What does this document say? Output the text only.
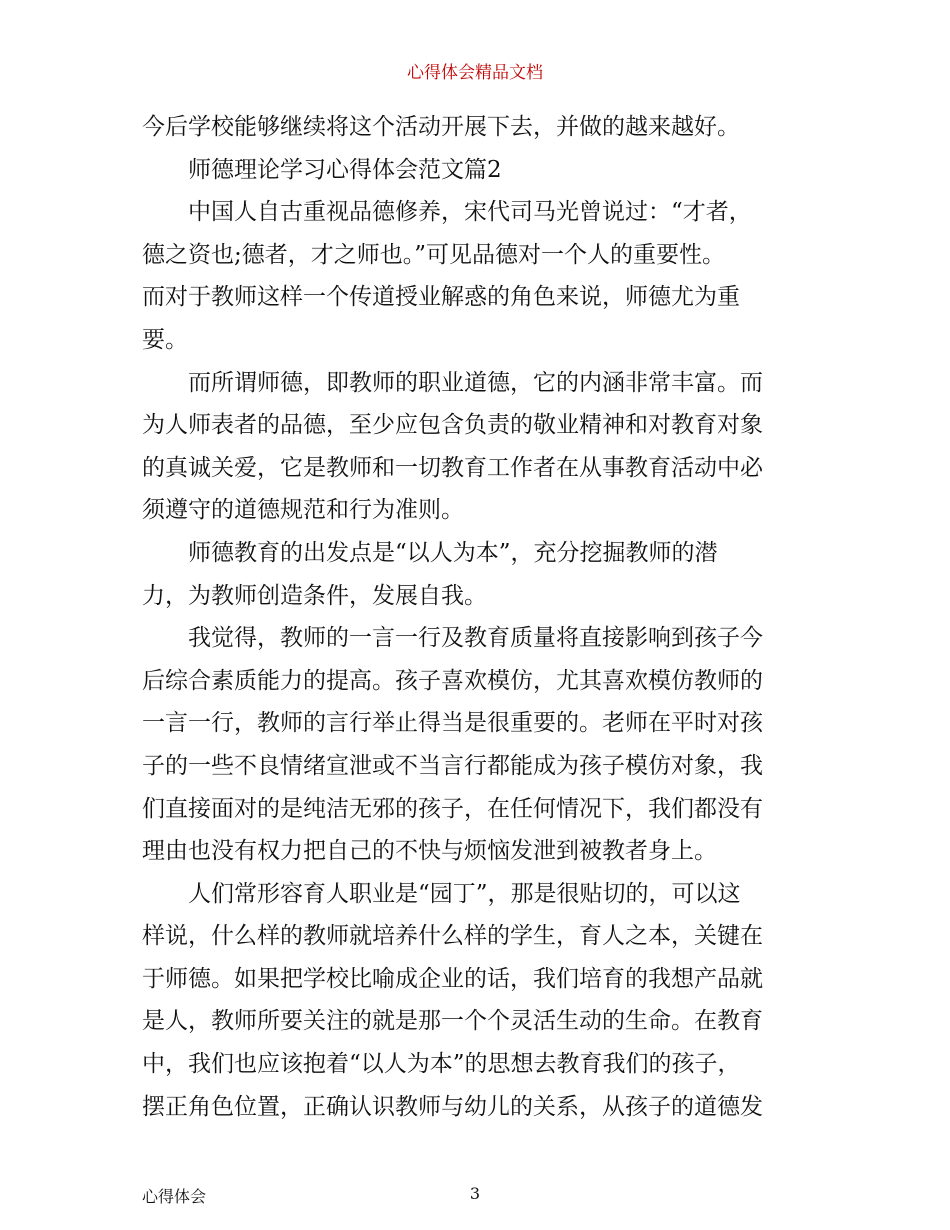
心得体会精品文档
今后学校能够继续将这个活动开展下去，并做的越来越好。
师德理论学习心得体会范文篇2
中国人自古重视品德修养，宋代司马光曾说过：“才者，
德之资也;德者，才之师也。”可见品德对一个人的重要性。
而对于教师这样一个传道授业解惑的角色来说，师德尤为重
要。
而所谓师德，即教师的职业道德，它的内涵非常丰富。而
为人师表者的品德，至少应包含负责的敬业精神和对教育对象
的真诚关爱，它是教师和一切教育工作者在从事教育活动中必
须遵守的道德规范和行为准则。
师德教育的出发点是“以人为本”，充分挖掘教师的潜
力，为教师创造条件，发展自我。
我觉得，教师的一言一行及教育质量将直接影响到孩子今
后综合素质能力的提高。孩子喜欢模仿，尤其喜欢模仿教师的
一言一行，教师的言行举止得当是很重要的。老师在平时对孩
子的一些不良情绪宣泄或不当言行都能成为孩子模仿对象，我
们直接面对的是纯洁无邪的孩子，在任何情况下，我们都没有
理由也没有权力把自己的不快与烦恼发泄到被教者身上。
人们常形容育人职业是“园丁”，那是很贴切的，可以这
样说，什么样的教师就培养什么样的学生，育人之本，关键在
于师德。如果把学校比喻成企业的话，我们培育的我想产品就
是人，教师所要关注的就是那一个个灵活生动的生命。在教育
中，我们也应该抱着“以人为本”的思想去教育我们的孩子，
摆正角色位置，正确认识教师与幼儿的关系，从孩子的道德发
心得体会	3
